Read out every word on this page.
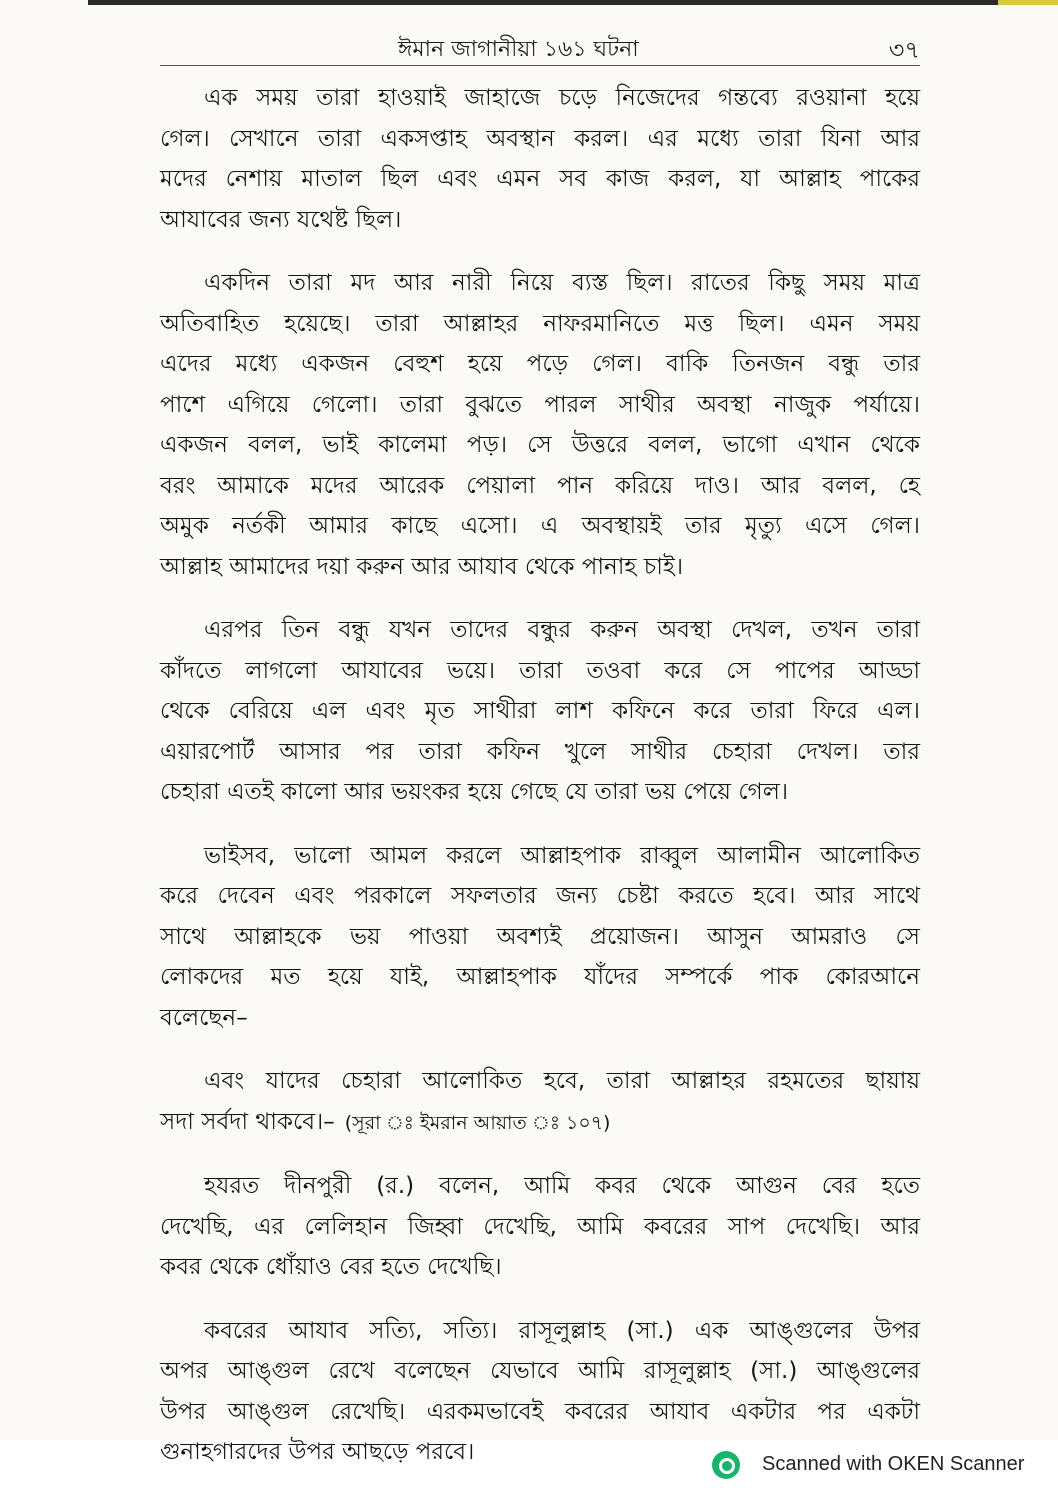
ঈমান জাগানীয়া ১৬১ ঘটনা	৩৭
এক সময় তারা হাওয়াই জাহাজে চড়ে নিজেদের গন্তব্যে রওয়ানা হয়ে
গেল। সেখানে তারা একসপ্তাহ অবস্থান করল। এর মধ্যে তারা যিনা আর
মদের নেশায় মাতাল ছিল এবং এমন সব কাজ করল, যা আল্লাহ পাকের
আযাবের জন্য যথেষ্ট ছিল।
একদিন তারা মদ আর নারী নিয়ে ব্যস্ত ছিল। রাতের কিছু সময় মাত্র
অতিবাহিত হয়েছে। তারা আল্লাহর নাফরমানিতে মত্ত ছিল। এমন সময়
এদের মধ্যে একজন বেহুশ হয়ে পড়ে গেল। বাকি তিনজন বন্ধু তার
পাশে এগিয়ে গেলো। তারা বুঝতে পারল সাথীর অবস্থা নাজুক পর্যায়ে।
একজন বলল, ভাই কালেমা পড়। সে উত্তরে বলল, ভাগো এখান থেকে
বরং আমাকে মদের আরেক পেয়ালা পান করিয়ে দাও। আর বলল, হে
অমুক নর্তকী আমার কাছে এসো। এ অবস্থায়ই তার মৃত্যু এসে গেল।
আল্লাহ আমাদের দয়া করুন আর আযাব থেকে পানাহ চাই।
এরপর তিন বন্ধু যখন তাদের বন্ধুর করুন অবস্থা দেখল, তখন তারা
কাঁদতে লাগলো আযাবের ভয়ে। তারা তওবা করে সে পাপের আড্ডা
থেকে বেরিয়ে এল এবং মৃত সাথীরা লাশ কফিনে করে তারা ফিরে এল।
এয়ারপোর্ট আসার পর তারা কফিন খুলে সাথীর চেহারা দেখল। তার
চেহারা এতই কালো আর ভয়ংকর হয়ে গেছে যে তারা ভয় পেয়ে গেল।
ভাইসব, ভালো আমল করলে আল্লাহপাক রাব্বুল আলামীন আলোকিত
করে দেবেন এবং পরকালে সফলতার জন্য চেষ্টা করতে হবে। আর সাথে
সাথে আল্লাহকে ভয় পাওয়া অবশ্যই প্রয়োজন। আসুন আমরাও সে
লোকদের মত হয়ে যাই, আল্লাহপাক যাঁদের সম্পর্কে পাক কোরআনে
বলেছেন–
এবং যাদের চেহারা আলোকিত হবে, তারা আল্লাহর রহমতের ছায়ায়
সদা সর্বদা থাকবে।– (সূরা ঃ ইমরান আয়াত ঃ ১০৭)
হযরত দীনপুরী (র.) বলেন, আমি কবর থেকে আগুন বের হতে
দেখেছি, এর লেলিহান জিহ্বা দেখেছি, আমি কবরের সাপ দেখেছি। আর
কবর থেকে ধোঁয়াও বের হতে দেখেছি।
কবরের আযাব সত্যি, সত্যি। রাসূলুল্লাহ (সা.) এক আঙ্গুলের উপর
অপর আঙ্গুল রেখে বলেছেন যেভাবে আমি রাসূলুল্লাহ (সা.) আঙ্গুলের
উপর আঙ্গুল রেখেছি। এরকমভাবেই কবরের আযাব একটার পর একটা
গুনাহগারদের উপর আছড়ে পরবে।	Scanned with OKEN Scanner
